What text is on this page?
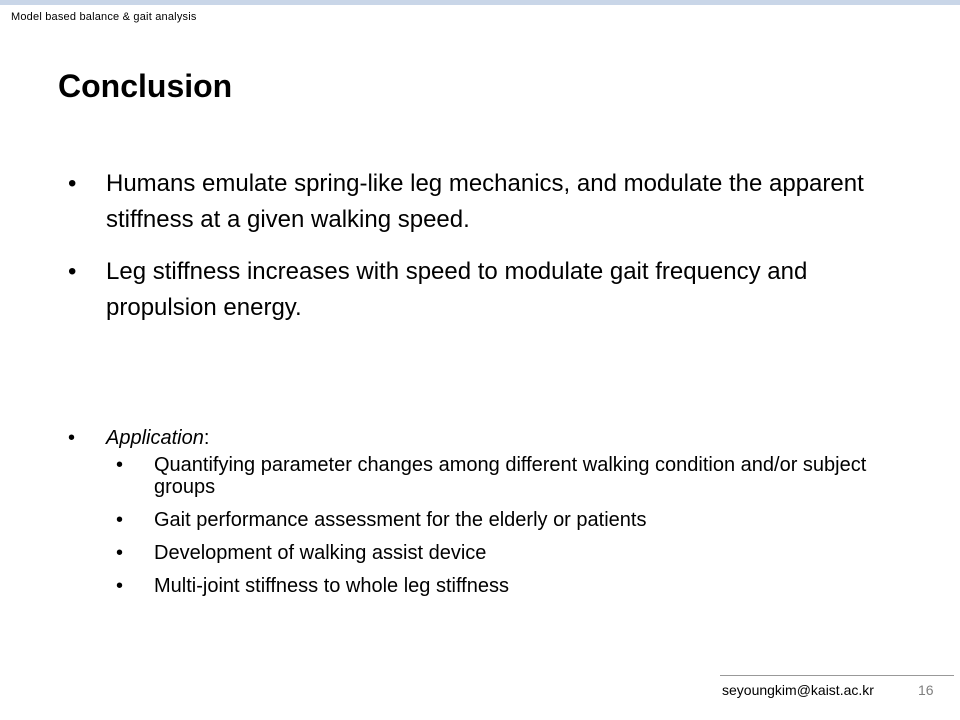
Model based balance & gait analysis
Conclusion
• Humans emulate spring-like leg mechanics, and modulate the apparent stiffness at a given walking speed.
• Leg stiffness increases with speed to modulate gait frequency and propulsion energy.
• Application:
• Quantifying parameter changes among different walking condition and/or subject groups
• Gait performance assessment for the elderly or patients
• Development of walking assist device
• Multi-joint stiffness to whole leg stiffness
seyoungkim@kaist.ac.kr	16
